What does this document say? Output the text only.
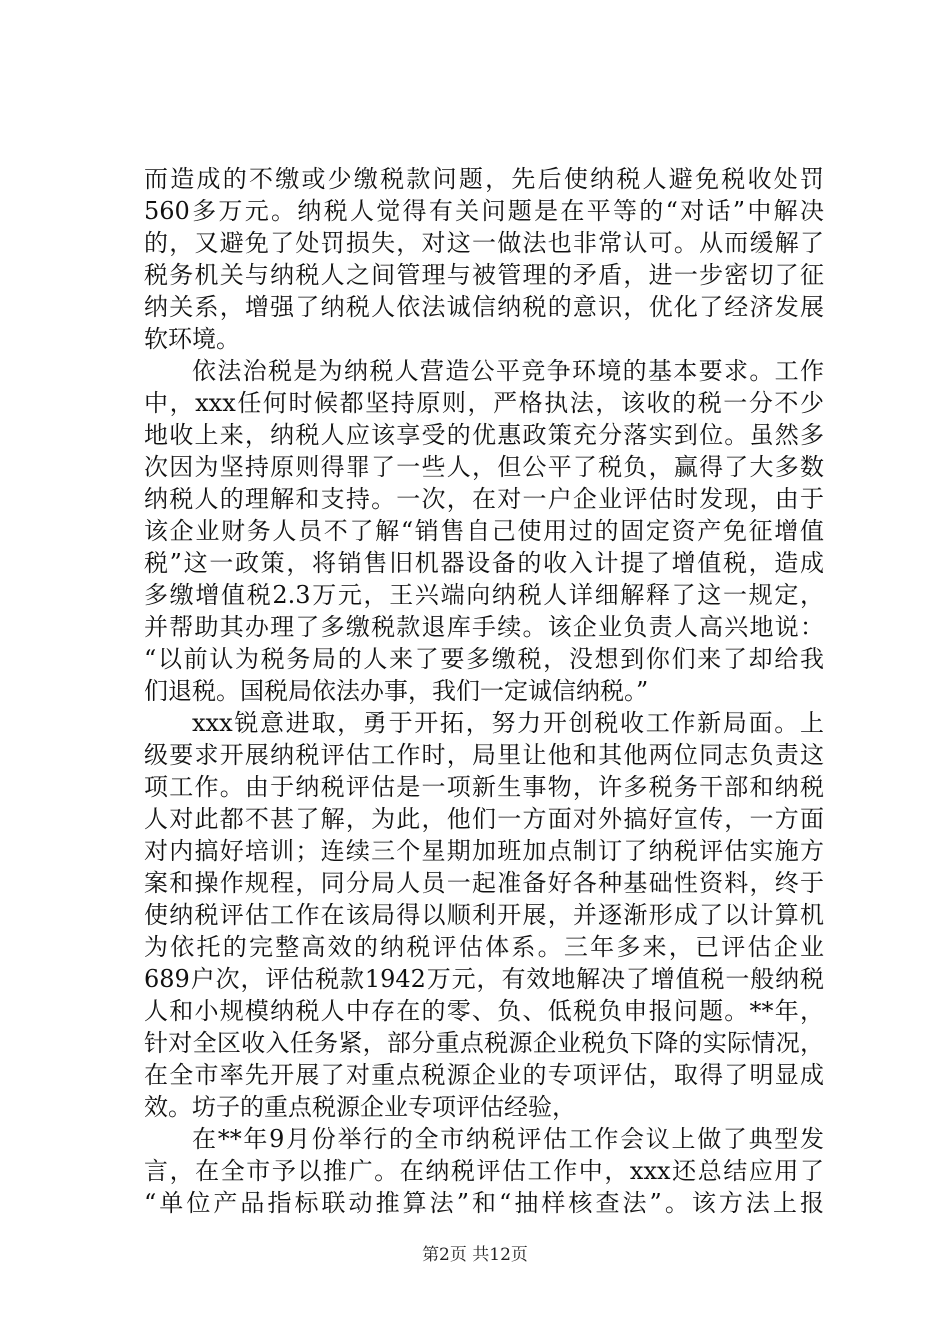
而造成的不缴或少缴税款问题，先后使纳税人避免税收处罚
560多万元。纳税人觉得有关问题是在平等的“对话”中解决
的，又避免了处罚损失，对这一做法也非常认可。从而缓解了
税务机关与纳税人之间管理与被管理的矛盾，进一步密切了征
纳关系，增强了纳税人依法诚信纳税的意识，优化了经济发展
软环境。
依法治税是为纳税人营造公平竞争环境的基本要求。工作
中，xxx任何时候都坚持原则，严格执法，该收的税一分不少
地收上来，纳税人应该享受的优惠政策充分落实到位。虽然多
次因为坚持原则得罪了一些人，但公平了税负，赢得了大多数
纳税人的理解和支持。一次，在对一户企业评估时发现，由于
该企业财务人员不了解“销售自己使用过的固定资产免征增值
税”这一政策，将销售旧机器设备的收入计提了增值税，造成
多缴增值税2.3万元，王兴端向纳税人详细解释了这一规定，
并帮助其办理了多缴税款退库手续。该企业负责人高兴地说：
“以前认为税务局的人来了要多缴税，没想到你们来了却给我
们退税。国税局依法办事，我们一定诚信纳税。”
xxx锐意进取，勇于开拓，努力开创税收工作新局面。上
级要求开展纳税评估工作时，局里让他和其他两位同志负责这
项工作。由于纳税评估是一项新生事物，许多税务干部和纳税
人对此都不甚了解，为此，他们一方面对外搞好宣传，一方面
对内搞好培训；连续三个星期加班加点制订了纳税评估实施方
案和操作规程，同分局人员一起准备好各种基础性资料，终于
使纳税评估工作在该局得以顺利开展，并逐渐形成了以计算机
为依托的完整高效的纳税评估体系。三年多来，已评估企业
689户次，评估税款1942万元，有效地解决了增值税一般纳税
人和小规模纳税人中存在的零、负、低税负申报问题。**年，
针对全区收入任务紧，部分重点税源企业税负下降的实际情况，
在全市率先开展了对重点税源企业的专项评估，取得了明显成
效。坊子的重点税源企业专项评估经验，
在**年9月份举行的全市纳税评估工作会议上做了典型发
言，在全市予以推广。在纳税评估工作中，xxx还总结应用了
“单位产品指标联动推算法”和“抽样核查法”。该方法上报
第2页 共12页
